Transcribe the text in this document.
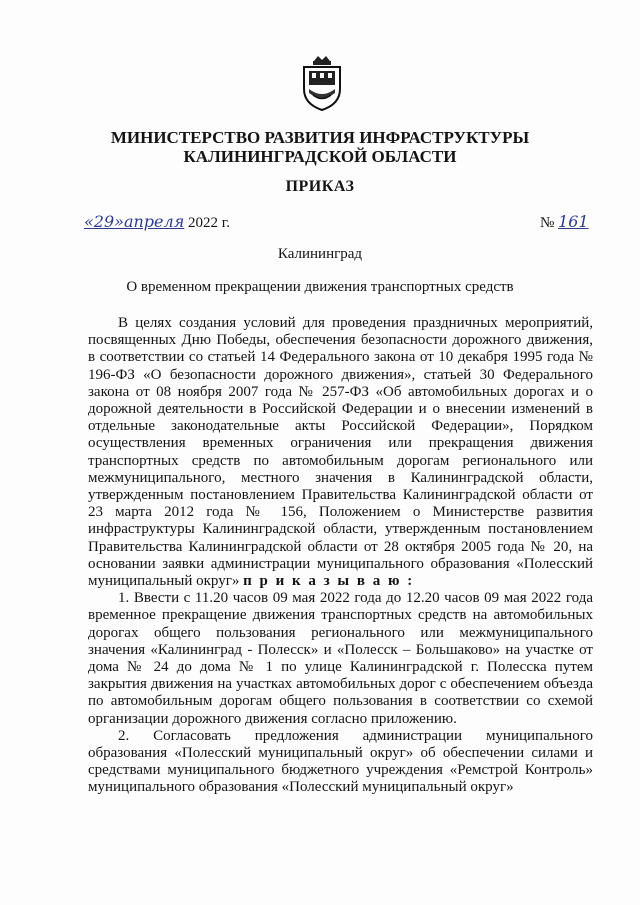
МИНИСТЕРСТВО РАЗВИТИЯ ИНФРАСТРУКТУРЫ
КАЛИНИНГРАДСКОЙ ОБЛАСТИ
ПРИКАЗ
«29»апреля 2022 г.	№ 161
Калининград
О временном прекращении движения транспортных средств

В целях создания условий для проведения праздничных мероприятий, посвященных Дню Победы, обеспечения безопасности дорожного движения, в соответствии со статьей 14 Федерального закона от 10 декабря 1995 года № 196-ФЗ «О безопасности дорожного движения», статьей 30 Федерального закона от 08 ноября 2007 года № 257-ФЗ «Об автомобильных дорогах и о дорожной деятельности в Российской Федерации и о внесении изменений в отдельные законодательные акты Российской Федерации», Порядком осуществления временных ограничения или прекращения движения транспортных средств по автомобильным дорогам регионального или межмуниципального, местного значения в Калининградской области, утвержденным постановлением Правительства Калининградской области от 23 марта 2012 года № 156, Положением о Министерстве развития инфраструктуры Калининградской области, утвержденным постановлением Правительства Калининградской области от 28 октября 2005 года № 20, на основании заявки администрации муниципального образования «Полесский муниципальный округ» п р и к а з ы в а ю :

1. Ввести с 11.20 часов 09 мая 2022 года до 12.20 часов 09 мая 2022 года временное прекращение движения транспортных средств на автомобильных дорогах общего пользования регионального или межмуниципального значения «Калининград - Полесск» и «Полесск – Большаково» на участке от дома № 24 до дома № 1 по улице Калининградской г. Полесска путем закрытия движения на участках автомобильных дорог с обеспечением объезда по автомобильным дорогам общего пользования в соответствии со схемой организации дорожного движения согласно приложению.

2. Согласовать предложения администрации муниципального образования «Полесский муниципальный округ» об обеспечении силами и средствами муниципального бюджетного учреждения «Ремстрой Контроль» муниципального образования «Полесский муниципальный округ»
